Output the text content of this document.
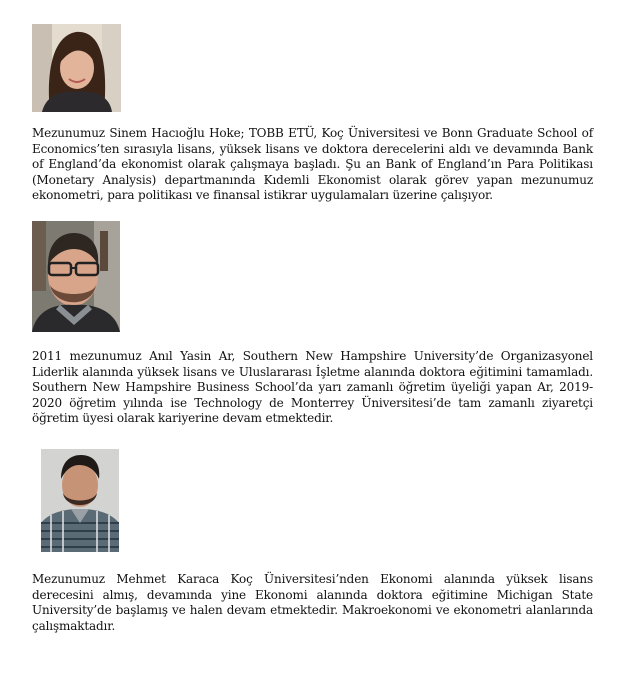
Mezunumuz Sinem Hacıoğlu Hoke; TOBB ETÜ, Koç Üniversitesi ve Bonn Graduate School of Economics’ten sırasıyla lisans, yüksek lisans ve doktora derecelerini aldı ve devamında Bank of England’da ekonomist olarak çalışmaya başladı. Şu an Bank of England’ın Para Politikası (Monetary Analysis) departmanında Kıdemli Ekonomist olarak görev yapan mezunumuz ekonometri, para politikası ve finansal istikrar uygulamaları üzerine çalışıyor.

2011 mezunumuz Anıl Yasin Ar, Southern New Hampshire University’de Organizasyonel Liderlik alanında yüksek lisans ve Uluslararası İşletme alanında doktora eğitimini tamamladı. Southern New Hampshire Business School’da yarı zamanlı öğretim üyeliği yapan Ar, 2019-2020 öğretim yılında ise Technology de Monterrey Üniversitesi’de tam zamanlı ziyaretçi öğretim üyesi olarak kariyerine devam etmektedir.

Mezunumuz Mehmet Karaca Koç Üniversitesi’nden Ekonomi alanında yüksek lisans derecesini almış, devamında yine Ekonomi alanında doktora eğitimine Michigan State University’de başlamış ve halen devam etmektedir. Makroekonomi ve ekonometri alanlarında çalışmaktadır.
